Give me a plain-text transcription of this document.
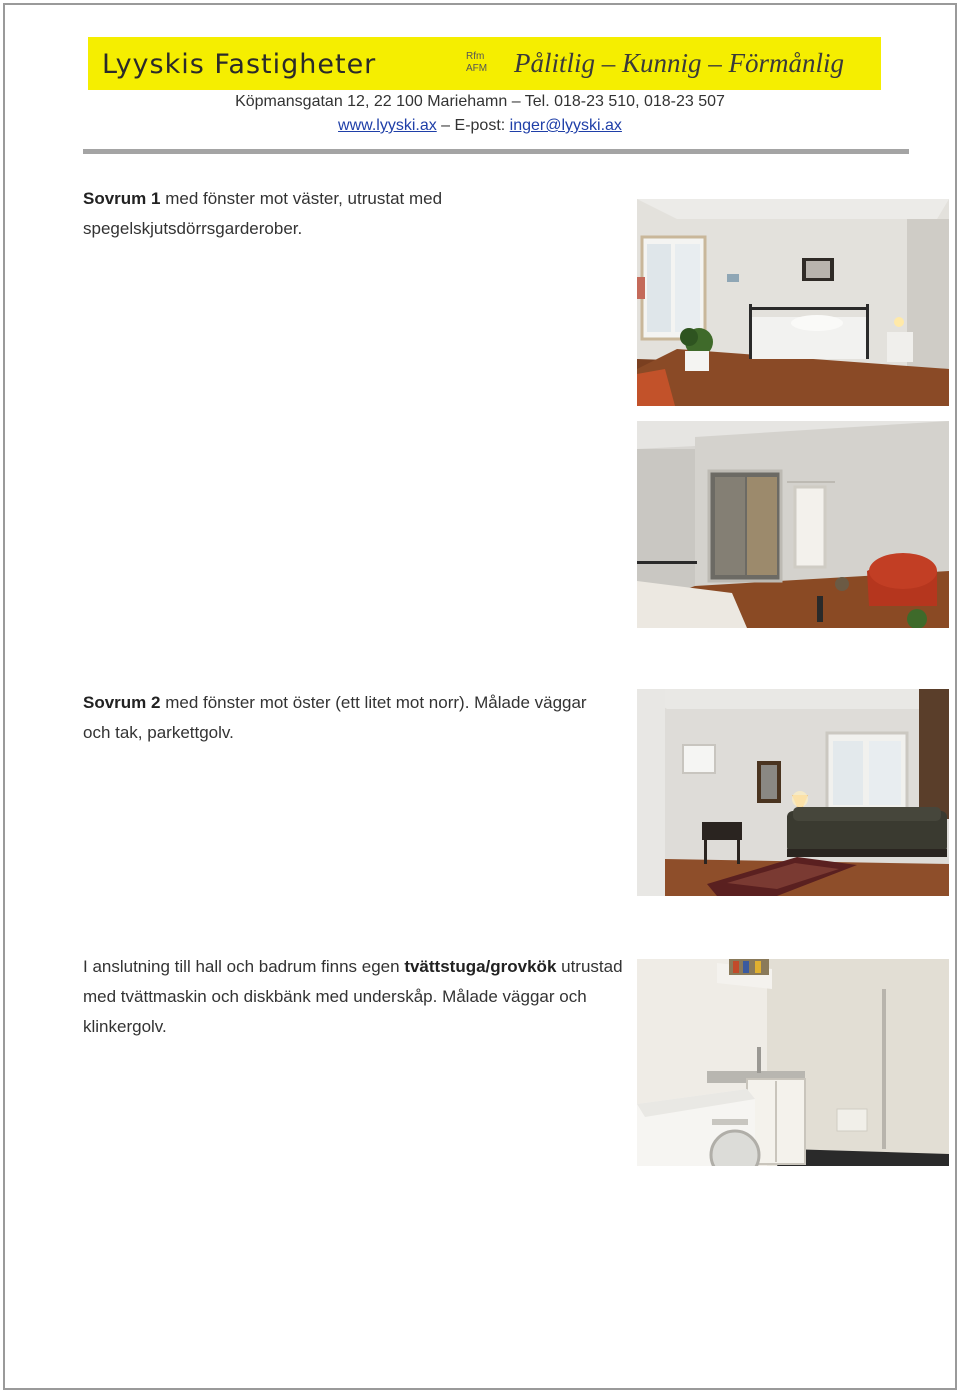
Lyyskis Fastigheter	Rfm
AFM Pålitlig – Kunnig – Förmånlig
Köpmansgatan 12, 22 100 Mariehamn – Tel. 018-23 510, 018-23 507
www.lyyski.ax – E-post: inger@lyyski.ax
Sovrum 1 med fönster mot väster, utrustat med spegelskjutsdörrsgarderober.
Sovrum 2 med fönster mot öster (ett litet mot norr). Målade väggar och tak, parkettgolv.
I anslutning till hall och badrum finns egen tvättstuga/grovkök utrustad med tvättmaskin och diskbänk med underskåp. Målade väggar och klinkergolv.
